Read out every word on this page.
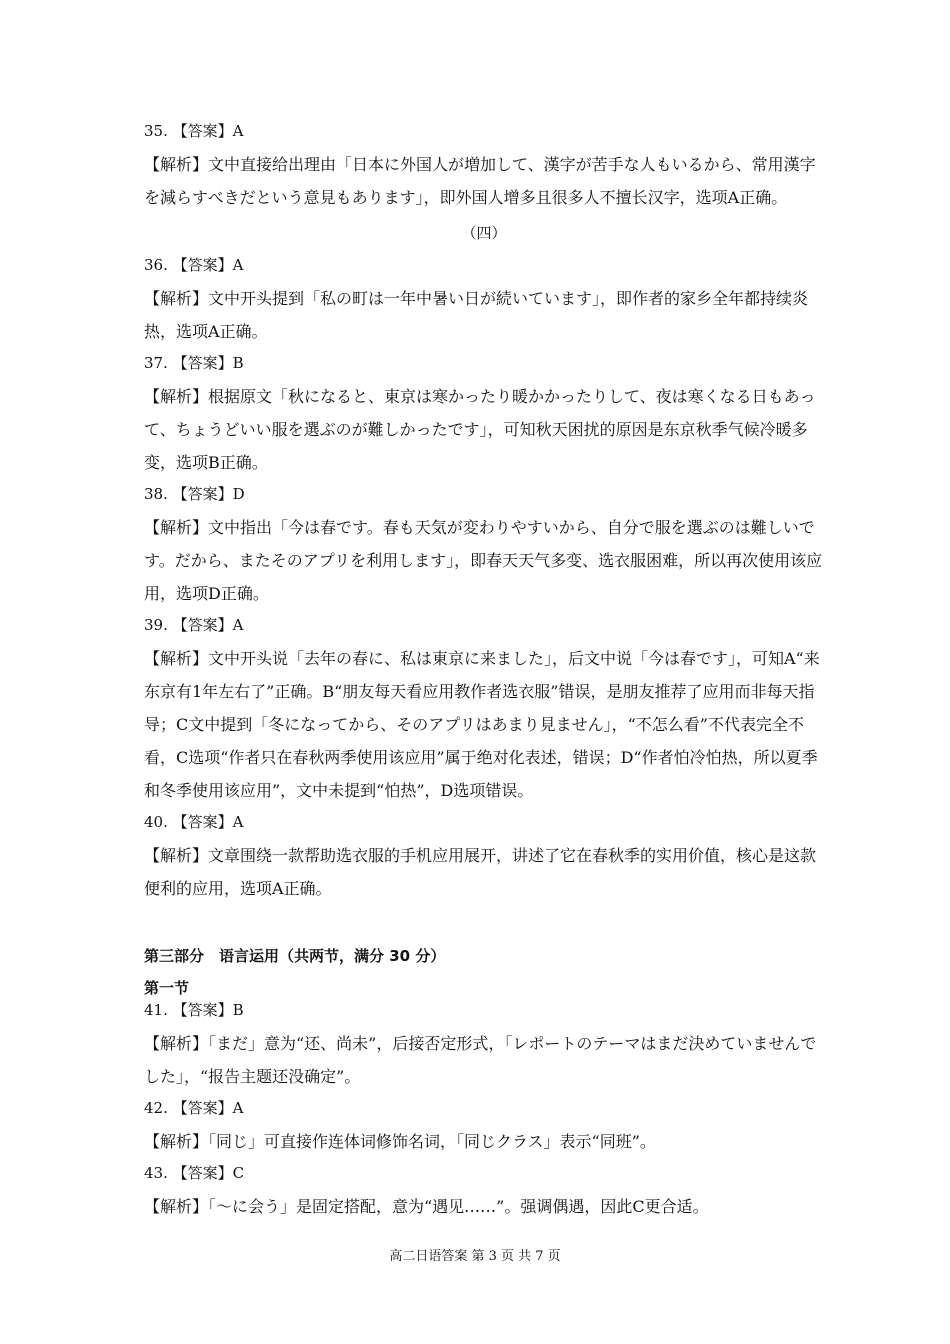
35. 【答案】A

【解析】文中直接给出理由「日本に外国人が増加して、漢字が苦手な人もいるから、常用漢字を減らすべきだという意見もあります」，即外国人增多且很多人不擅长汉字，选项A正确。

（四）

36. 【答案】A

【解析】文中开头提到「私の町は一年中暑い日が続いています」，即作者的家乡全年都持续炎热，选项A正确。

37. 【答案】B

【解析】根据原文「秋になると、東京は寒かったり暖かかったりして、夜は寒くなる日もあって、ちょうどいい服を選ぶのが難しかったです」，可知秋天困扰的原因是东京秋季气候冷暖多变，选项B正确。

38. 【答案】D

【解析】文中指出「今は春です。春も天気が変わりやすいから、自分で服を選ぶのは難しいです。だから、またそのアプリを利用します」，即春天天气多变、选衣服困难，所以再次使用该应用，选项D正确。

39. 【答案】A

【解析】文中开头说「去年の春に、私は東京に来ました」，后文中说「今は春です」，可知A“来东京有1年左右了”正确。B“朋友每天看应用教作者选衣服”错误，是朋友推荐了应用而非每天指导；C文中提到「冬になってから、そのアプリはあまり見ません」，“不怎么看”不代表完全不看，C选项“作者只在春秋两季使用该应用”属于绝对化表述，错误；D“作者怕冷怕热，所以夏季和冬季使用该应用”，文中未提到“怕热”，D选项错误。

40. 【答案】A

【解析】文章围绕一款帮助选衣服的手机应用展开，讲述了它在春秋季的实用价值，核心是这款便利的应用，选项A正确。

第三部分　语言运用（共两节，满分 30 分）

第一节

41. 【答案】B

【解析】「まだ」意为“还、尚未”，后接否定形式，「レポートのテーマはまだ決めていませんでした」，“报告主题还没确定”。

42. 【答案】A

【解析】「同じ」可直接作连体词修饰名词，「同じクラス」表示“同班”。

43. 【答案】C

【解析】「～に会う」是固定搭配，意为“遇见……”。强调偶遇，因此C更合适。

高二日语答案 第 3 页 共 7 页
